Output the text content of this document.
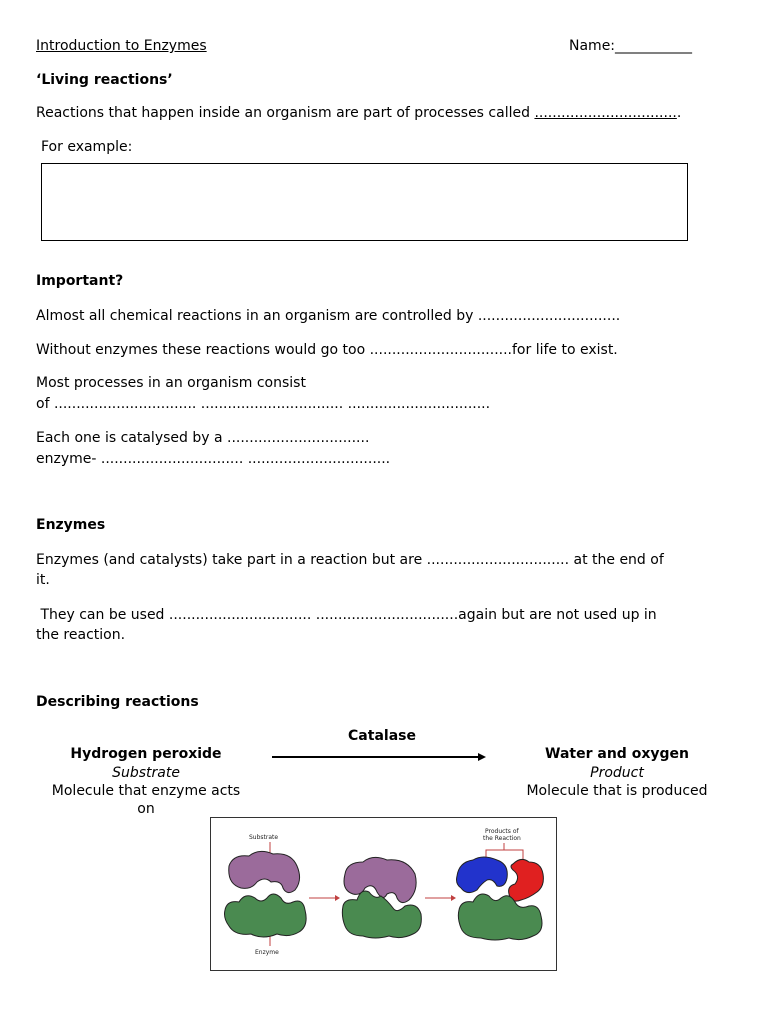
Introduction to Enzymes	Name:___________
‘Living reactions’
Reactions that happen inside an organism are part of processes called .................................
For example:
Important?
Almost all chemical reactions in an organism are controlled by ................................
Without enzymes these reactions would go too ................................for life to exist.
Most processes in an organism consist
of ................................ ................................ ................................
Each one is catalysed by a ................................
enzyme- ................................ ................................
Enzymes
Enzymes (and catalysts) take part in a reaction but are ................................ at the end of
it.
They can be used ................................ ................................again but are not used up in
the reaction.
Describing reactions
Catalase
Hydrogen peroxide
Substrate
Molecule that enzyme acts
on
Water and oxygen
Product
Molecule that is produced
Substrate
Enzyme
Products of
the Reaction
